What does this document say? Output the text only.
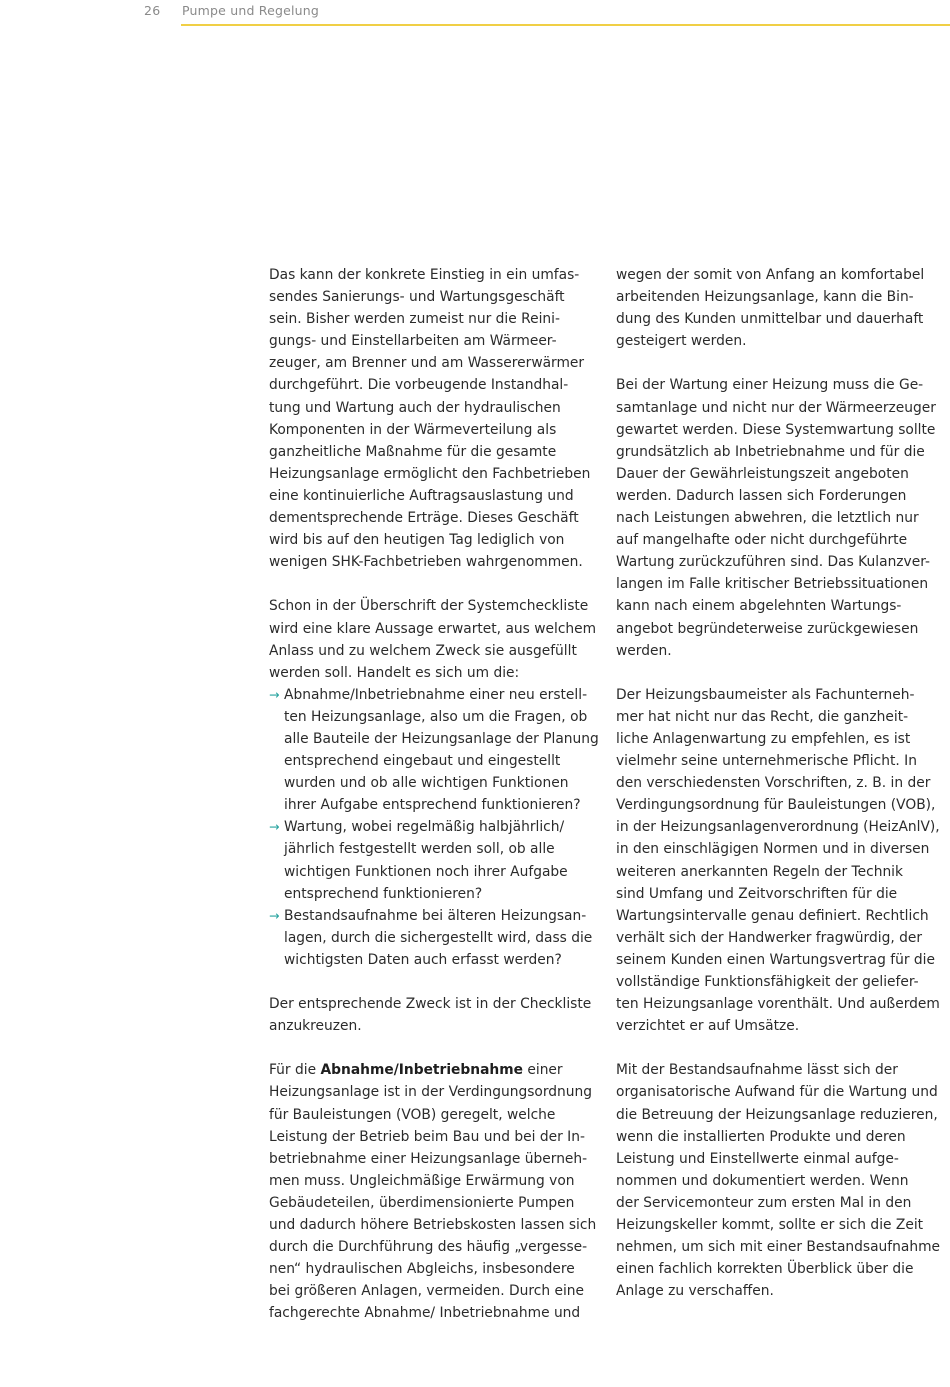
26 Pumpe und Regelung
Das kann der konkrete Einstieg in ein umfas-
sendes Sanierungs- und Wartungsgeschäft
sein. Bisher werden zumeist nur die Reini-
gungs- und Einstellarbeiten am Wärmeer-
zeuger, am Brenner und am Wassererwärmer
durchgeführt. Die vorbeugende Instandhal-
tung und Wartung auch der hydraulischen
Komponenten in der Wärmeverteilung als
ganzheitliche Maßnahme für die gesamte
Heizungsanlage ermöglicht den Fachbetrieben
eine kontinuierliche Auftragsauslastung und
dementsprechende Erträge. Dieses Geschäft
wird bis auf den heutigen Tag lediglich von
wenigen SHK-Fachbetrieben wahrgenommen.
Schon in der Überschrift der Systemcheckliste
wird eine klare Aussage erwartet, aus welchem
Anlass und zu welchem Zweck sie ausgefüllt
werden soll. Handelt es sich um die:
→ Abnahme/Inbetriebnahme einer neu erstell-
ten Heizungsanlage, also um die Fragen, ob
alle Bauteile der Heizungsanlage der Planung
entsprechend eingebaut und eingestellt
wurden und ob alle wichtigen Funktionen
ihrer Aufgabe entsprechend funktionieren?
→ Wartung, wobei regelmäßig halbjährlich/
jährlich festgestellt werden soll, ob alle
wichtigen Funktionen noch ihrer Aufgabe
entsprechend funktionieren?
→ Bestandsaufnahme bei älteren Heizungsan-
lagen, durch die sichergestellt wird, dass die
wichtigsten Daten auch erfasst werden?
Der entsprechende Zweck ist in der Checkliste
anzukreuzen.
Für die Abnahme/Inbetriebnahme einer
Heizungsanlage ist in der Verdingungsordnung
für Bauleistungen (VOB) geregelt, welche
Leistung der Betrieb beim Bau und bei der In-
betriebnahme einer Heizungsanlage überneh-
men muss. Ungleichmäßige Erwärmung von
Gebäudeteilen, überdimensionierte Pumpen
und dadurch höhere Betriebskosten lassen sich
durch die Durchführung des häufig „vergesse-
nen“ hydraulischen Abgleichs, insbesondere
bei größeren Anlagen, vermeiden. Durch eine
fachgerechte Abnahme/ Inbetriebnahme und
wegen der somit von Anfang an komfortabel
arbeitenden Heizungsanlage, kann die Bin-
dung des Kunden unmittelbar und dauerhaft
gesteigert werden.
Bei der Wartung einer Heizung muss die Ge-
samtanlage und nicht nur der Wärmeerzeuger
gewartet werden. Diese Systemwartung sollte
grundsätzlich ab Inbetriebnahme und für die
Dauer der Gewährleistungszeit angeboten
werden. Dadurch lassen sich Forderungen
nach Leistungen abwehren, die letztlich nur
auf mangelhafte oder nicht durchgeführte
Wartung zurückzuführen sind. Das Kulanzver-
langen im Falle kritischer Betriebssituationen
kann nach einem abgelehnten Wartungs-
angebot begründeterweise zurückgewiesen
werden.
Der Heizungsbaumeister als Fachunterneh-
mer hat nicht nur das Recht, die ganzheit-
liche Anlagenwartung zu empfehlen, es ist
vielmehr seine unternehmerische Pflicht. In
den verschiedensten Vorschriften, z. B. in der
Verdingungsordnung für Bauleistungen (VOB),
in der Heizungsanlagenverordnung (HeizAnlV),
in den einschlägigen Normen und in diversen
weiteren anerkannten Regeln der Technik
sind Umfang und Zeitvorschriften für die
Wartungsintervalle genau definiert. Rechtlich
verhält sich der Handwerker fragwürdig, der
seinem Kunden einen Wartungsvertrag für die
vollständige Funktionsfähigkeit der geliefer-
ten Heizungsanlage vorenthält. Und außerdem
verzichtet er auf Umsätze.
Mit der Bestandsaufnahme lässt sich der
organisatorische Aufwand für die Wartung und
die Betreuung der Heizungsanlage reduzieren,
wenn die installierten Produkte und deren
Leistung und Einstellwerte einmal aufge-
nommen und dokumentiert werden. Wenn
der Servicemonteur zum ersten Mal in den
Heizungskeller kommt, sollte er sich die Zeit
nehmen, um sich mit einer Bestandsaufnahme
einen fachlich korrekten Überblick über die
Anlage zu verschaffen.
